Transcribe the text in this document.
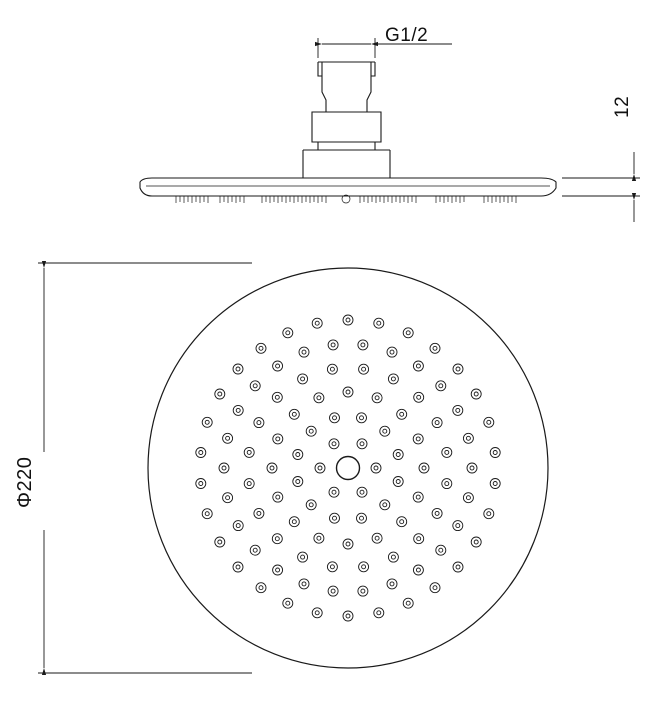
G1/2
12
Φ220
